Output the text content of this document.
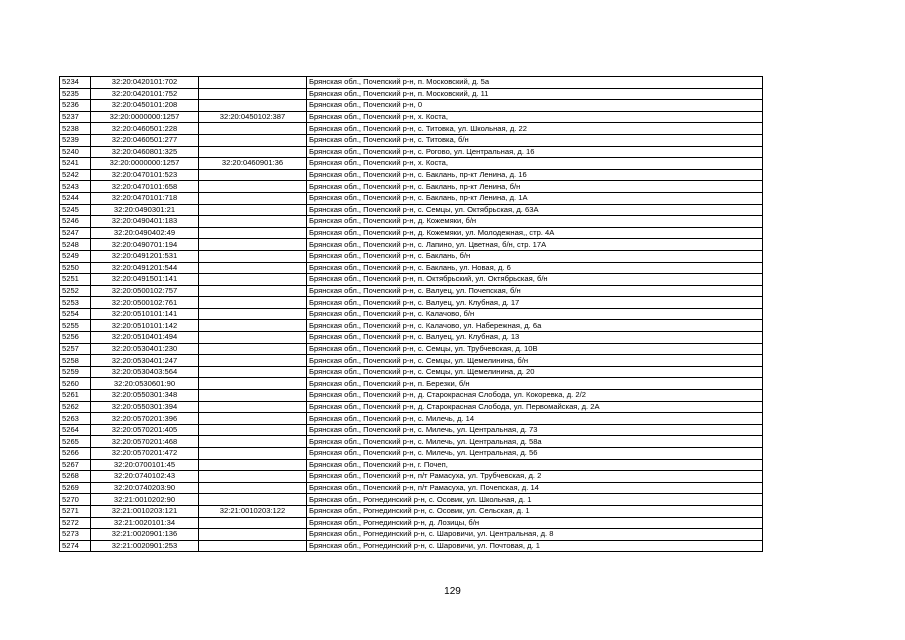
5234	32:20:0420101:702		Брянская обл., Почепский р-н, п. Московский, д. 5а
5235	32:20:0420101:752		Брянская обл., Почепский р-н, п. Московский, д. 11
5236	32:20:0450101:208		Брянская обл., Почепский р-н, 0
5237	32:20:0000000:1257	32:20:0450102:387	Брянская обл., Почепский р-н, х. Коста,
5238	32:20:0460501:228		Брянская обл., Почепский р-н, с. Титовка, ул. Школьная, д. 22
5239	32:20:0460501:277		Брянская обл., Почепский р-н, с. Титовка, б/н
5240	32:20:0460801:325		Брянская обл., Почепский р-н, с. Рогово, ул. Центральная, д. 16
5241	32:20:0000000:1257	32:20:0460901:36	Брянская обл., Почепский р-н, х. Коста,
5242	32:20:0470101:523		Брянская обл., Почепский р-н, с. Баклань, пр-кт Ленина, д. 16
5243	32:20:0470101:658		Брянская обл., Почепский р-н, с. Баклань, пр-кт Ленина, б/н
5244	32:20:0470101:718		Брянская обл., Почепский р-н, с. Баклань, пр-кт Ленина, д. 1А
5245	32:20:0490301:21		Брянская обл., Почепский р-н, с. Семцы, ул. Октябрьская, д. 63А
5246	32:20:0490401:183		Брянская обл., Почепский р-н, д. Кожемяки, б/н
5247	32:20:0490402:49		Брянская обл., Почепский р-н, д. Кожемяки, ул. Молодежная,, стр. 4А
5248	32:20:0490701:194		Брянская обл., Почепский р-н, с. Лапино, ул. Цветная, б/н, стр. 17А
5249	32:20:0491201:531		Брянская обл., Почепский р-н, с. Баклань, б/н
5250	32:20:0491201:544		Брянская обл., Почепский р-н, с. Баклань, ул. Новая, д. 6
5251	32:20:0491501:141		Брянская обл., Почепский р-н, п. Октябрьский, ул. Октябрьская, б/н
5252	32:20:0500102:757		Брянская обл., Почепский р-н, с. Валуец, ул. Почепская, б/н
5253	32:20:0500102:761		Брянская обл., Почепский р-н, с. Валуец, ул. Клубная, д. 17
5254	32:20:0510101:141		Брянская обл., Почепский р-н, с. Калачово, б/н
5255	32:20:0510101:142		Брянская обл., Почепский р-н, с. Калачово, ул. Набережная, д. 6а
5256	32:20:0510401:494		Брянская обл., Почепский р-н, с. Валуец, ул. Клубная, д. 13
5257	32:20:0530401:230		Брянская обл., Почепский р-н, с. Семцы, ул. Трубчевская, д. 10В
5258	32:20:0530401:247		Брянская обл., Почепский р-н, с. Семцы, ул. Щемелинина, б/н
5259	32:20:0530403:564		Брянская обл., Почепский р-н, с. Семцы, ул. Щемелинина, д. 20
5260	32:20:0530601:90		Брянская обл., Почепский р-н, п. Березки, б/н
5261	32:20:0550301:348		Брянская обл., Почепский р-н, д. Старокрасная Слобода, ул. Кокоревка, д. 2/2
5262	32:20:0550301:394		Брянская обл., Почепский р-н, д. Старокрасная Слобода, ул. Первомайская, д. 2А
5263	32:20:0570201:396		Брянская обл., Почепский р-н, с. Милечь, д. 14
5264	32:20:0570201:405		Брянская обл., Почепский р-н, с. Милечь, ул. Центральная, д. 73
5265	32:20:0570201:468		Брянская обл., Почепский р-н, с. Милечь, ул. Центральная, д. 58а
5266	32:20:0570201:472		Брянская обл., Почепский р-н, с. Милечь, ул. Центральная, д. 56
5267	32:20:0700101:45		Брянская обл., Почепский р-н, г. Почеп,
5268	32:20:0740102:43		Брянская обл., Почепский р-н, п/т Рамасуха, ул. Трубчевская, д. 2
5269	32:20:0740203:90		Брянская обл., Почепский р-н, п/т Рамасуха, ул. Почепская, д. 14
5270	32:21:0010202:90		Брянская обл., Рогнединский р-н, с. Осовик, ул. Школьная, д. 1
5271	32:21:0010203:121	32:21:0010203:122	Брянская обл., Рогнединский р-н, с. Осовик, ул. Сельская, д. 1
5272	32:21:0020101:34		Брянская обл., Рогнединский р-н, д. Лозицы, б/н
5273	32:21:0020901:136		Брянская обл., Рогнединский р-н, с. Шаровичи, ул. Центральная, д. 8
5274	32:21:0020901:253		Брянская обл., Рогнединский р-н, с. Шаровичи, ул. Почтовая, д. 1
129
